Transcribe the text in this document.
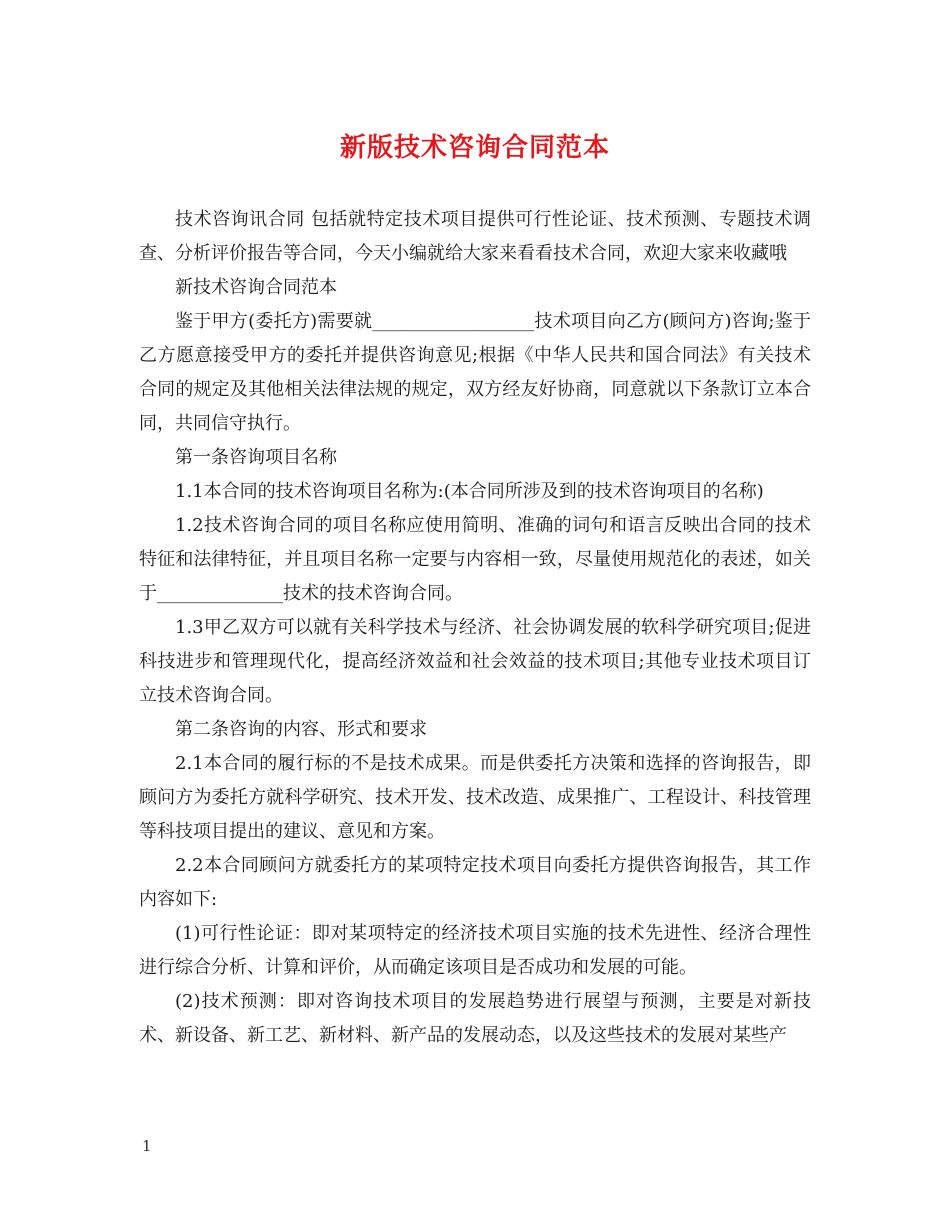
新版技术咨询合同范本

技术咨询讯合同 包括就特定技术项目提供可行性论证、技术预测、专题技术调查、分析评价报告等合同，今天小编就给大家来看看技术合同，欢迎大家来收藏哦

新技术咨询合同范本

鉴于甲方(委托方)需要就__________________技术项目向乙方(顾问方)咨询;鉴于乙方愿意接受甲方的委托并提供咨询意见;根据《中华人民共和国合同法》有关技术合同的规定及其他相关法律法规的规定，双方经友好协商，同意就以下条款订立本合同，共同信守执行。

第一条咨询项目名称

1.1本合同的技术咨询项目名称为:(本合同所涉及到的技术咨询项目的名称)

1.2技术咨询合同的项目名称应使用简明、准确的词句和语言反映出合同的技术特征和法律特征，并且项目名称一定要与内容相一致，尽量使用规范化的表述，如关于______________技术的技术咨询合同。

1.3甲乙双方可以就有关科学技术与经济、社会协调发展的软科学研究项目;促进科技进步和管理现代化，提高经济效益和社会效益的技术项目;其他专业技术项目订立技术咨询合同。

第二条咨询的内容、形式和要求

2.1本合同的履行标的不是技术成果。而是供委托方决策和选择的咨询报告，即顾问方为委托方就科学研究、技术开发、技术改造、成果推广、工程设计、科技管理等科技项目提出的建议、意见和方案。

2.2本合同顾问方就委托方的某项特定技术项目向委托方提供咨询报告，其工作内容如下:

(1)可行性论证：即对某项特定的经济技术项目实施的技术先进性、经济合理性进行综合分析、计算和评价，从而确定该项目是否成功和发展的可能。

(2)技术预测：即对咨询技术项目的发展趋势进行展望与预测，主要是对新技术、新设备、新工艺、新材料、新产品的发展动态，以及这些技术的发展对某些产

1
